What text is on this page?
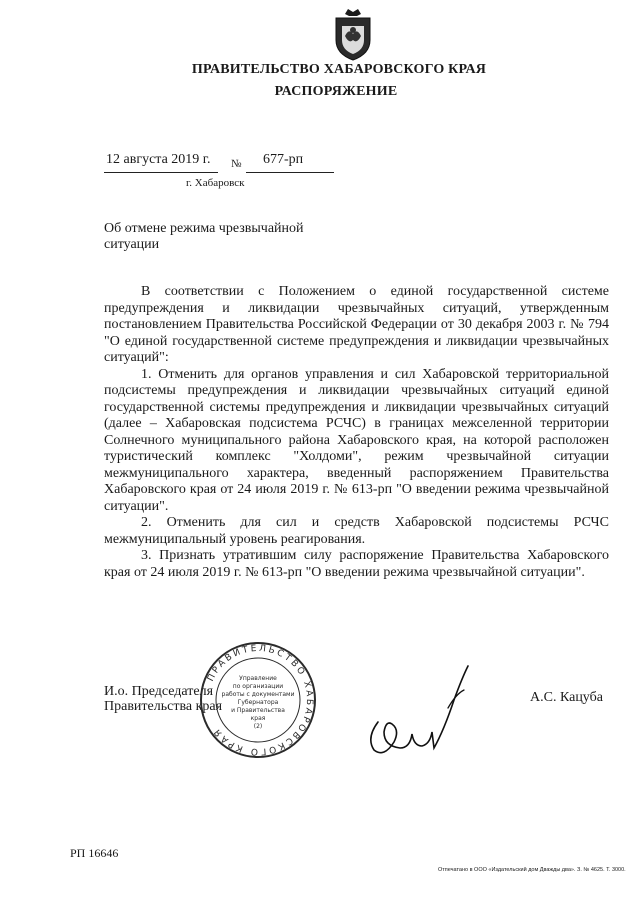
ПРАВИТЕЛЬСТВО ХАБАРОВСКОГО КРАЯ
РАСПОРЯЖЕНИЕ
12 августа 2019 г. № 677-рп
г. Хабаровск

Об отмене режима чрезвычайной
ситуации

В соответствии с Положением о единой государственной системе предупреждения и ликвидации чрезвычайных ситуаций, утвержденным постановлением Правительства Российской Федерации от 30 декабря 2003 г. № 794 "О единой государственной системе предупреждения и ликвидации чрезвычайных ситуаций":

1. Отменить для органов управления и сил Хабаровской территориальной подсистемы предупреждения и ликвидации чрезвычайных ситуаций единой государственной системы предупреждения и ликвидации чрезвычайных ситуаций (далее – Хабаровская подсистема РСЧС) в границах межселенной территории Солнечного муниципального района Хабаровского края, на которой расположен туристический комплекс "Холдоми", режим чрезвычайной ситуации межмуниципального характера, введенный распоряжением Правительства Хабаровского края от 24 июля 2019 г. № 613-рп "О введении режима чрезвычайной ситуации".

2. Отменить для сил и средств Хабаровской подсистемы РСЧС межмуниципальный уровень реагирования.

3. Признать утратившим силу распоряжение Правительства Хабаровского края от 24 июля 2019 г. № 613-рп "О введении режима чрезвычайной ситуации".

И.о. Председателя
Правительства края

А.С. Кацуба
ПРАВИТЕЛЬСТВО ХАБАРОВСКОГО КРАЯ
Управление
по организации
работы с документами
Губернатора
и Правительства
края
(2)
РП 16646
Отпечатано в ООО «Издательский дом Дважды два». З. № 4625. Т. 3000.
